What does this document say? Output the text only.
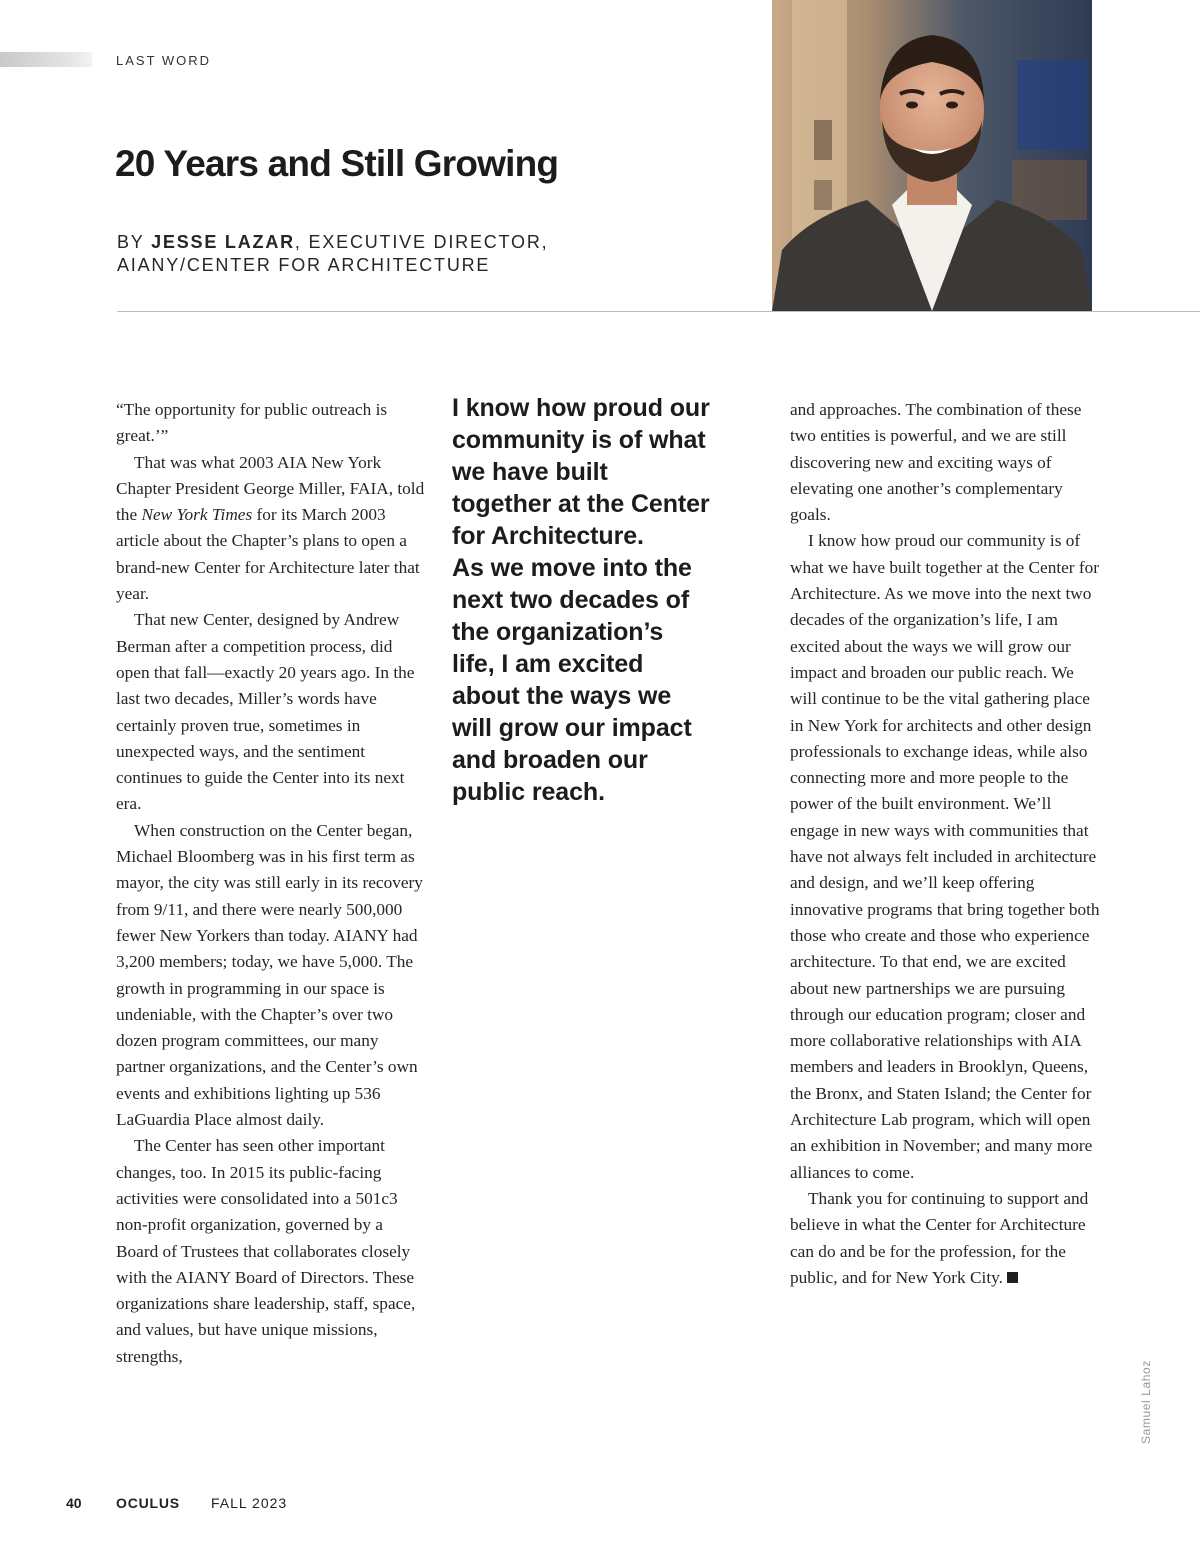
LAST WORD
20 Years and Still Growing
BY JESSE LAZAR, EXECUTIVE DIRECTOR,
AIANY/CENTER FOR ARCHITECTURE

“The opportunity for public outreach is great.’”

That was what 2003 AIA New York Chapter President George Miller, FAIA, told the New York Times for its March 2003 article about the Chapter’s plans to open a brand-new Center for Architecture later that year.

That new Center, designed by Andrew Berman after a competition process, did open that fall—exactly 20 years ago. In the last two decades, Miller’s words have certainly proven true, sometimes in unexpected ways, and the sentiment continues to guide the Center into its next era.

When construction on the Center began, Michael Bloomberg was in his first term as mayor, the city was still early in its recovery from 9/11, and there were nearly 500,000 fewer New Yorkers than today. AIANY had 3,200 members; today, we have 5,000. The growth in programming in our space is undeniable, with the Chapter’s over two dozen program committees, our many partner organizations, and the Center’s own events and exhibitions lighting up 536 LaGuardia Place almost daily.

The Center has seen other important changes, too. In 2015 its public-facing activities were consolidated into a 501c3 non-profit organization, governed by a Board of Trustees that collaborates closely with the AIANY Board of Directors. These organizations share leadership, staff, space, and values, but have unique missions, strengths,

I know how proud our community is of what we have built together at the Center for Architecture.

As we move into the next two decades of the organization’s life, I am excited about the ways we will grow our impact and broaden our public reach.

and approaches. The combination of these two entities is powerful, and we are still discovering new and exciting ways of elevating one another’s complementary goals.

I know how proud our community is of what we have built together at the Center for Architecture. As we move into the next two decades of the organization’s life, I am excited about the ways we will grow our impact and broaden our public reach. We will continue to be the vital gathering place in New York for architects and other design professionals to exchange ideas, while also connecting more and more people to the power of the built environment. We’ll engage in new ways with communities that have not always felt included in architecture and design, and we’ll keep offering innovative programs that bring together both those who create and those who experience architecture. To that end, we are excited about new partnerships we are pursuing through our education program; closer and more collaborative relationships with AIA members and leaders in Brooklyn, Queens, the Bronx, and Staten Island; the Center for Architecture Lab program, which will open an exhibition in November; and many more alliances to come.

Thank you for continuing to support and believe in what the Center for Architecture can do and be for the profession, for the public, and for New York City.

Samuel Lahoz
40 OCULUS FALL 2023
